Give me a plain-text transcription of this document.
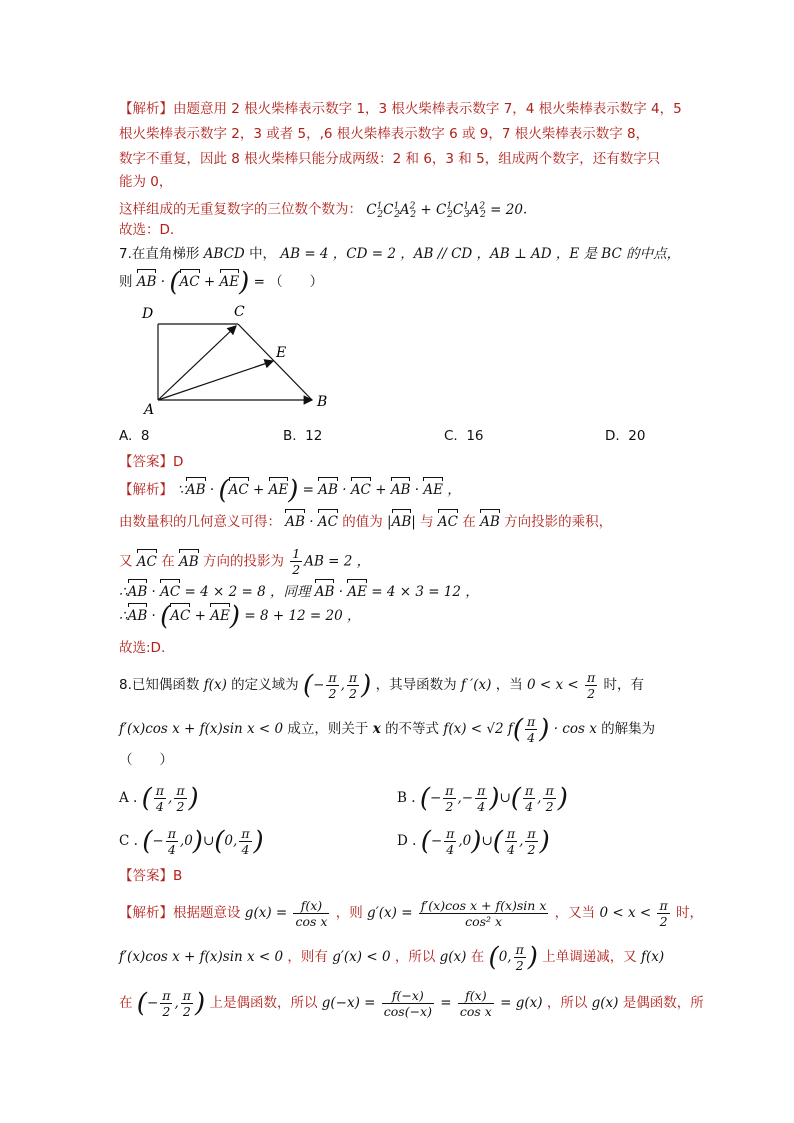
【解析】由题意用 2 根火柴棒表示数字 1，3 根火柴棒表示数字 7，4 根火柴棒表示数字 4，5
根火柴棒表示数字 2，3 或者 5，,6 根火柴棒表示数字 6 或 9，7 根火柴棒表示数字 8，
数字不重复，因此 8 根火柴棒只能分成两级：2 和 6，3 和 5，组成两个数字，还有数字只
能为 0，
这样组成的无重复数字的三位数个数为： $C^1_2C^1_2A^2_2 + C^1_2C^1_3A^2_2 = 20$．
故选：D．
7.在直角梯形 ABCD 中， AB = 4 ，CD = 2 ，AB // CD ，AB ⊥ AD ，E 是 BC 的中点，
则 AB · (AC + AE) = （　　）
D	C
E
A	B
A. 8	B. 12	C. 16	D. 20
【答案】D
【解析】 ∵AB · (AC + AE) = AB · AC + AB · AE ，
由数量积的几何意义可得： AB · AC 的值为 |AB| 与 AC 在 AB 方向投影的乘积，
又 AC 在 AB 方向的投影为 $\frac{1}{2}$ AB = 2 ，
∴AB · AC = 4 × 2 = 8 ，同理 AB · AE = 4 × 3 = 12 ，
∴AB · (AC + AE) = 8 + 12 = 20 ，
故选:D.
8.已知偶函数 f(x) 的定义域为 (− $\frac{\pi}{2}$ , $\frac{\pi}{2}$ ) ，其导函数为 f ′(x) ，当 $0 < x < \frac{\pi}{2}$ 时，有
f′(x)cos x + f(x)sin x < 0 成立，则关于 x 的不等式 f(x) < √2 $f( \frac{\pi}{4}$ ) · cos x 的解集为
（　　）
A . ( $\frac{\pi}{4}$ , $\frac{\pi}{2}$ )	B . (− $\frac{\pi}{2}$ ,− $\frac{\pi}{4}$ )∪( $\frac{\pi}{4}$ , $\frac{\pi}{2}$ )
C . (− $\frac{\pi}{4}$ ,0)∪(0, $\frac{\pi}{4}$ )	D . (− $\frac{\pi}{4}$ ,0)∪( $\frac{\pi}{4}$ , $\frac{\pi}{2}$ )
【答案】B
【解析】根据题意设 $g(x) = \frac{f(x)}{\text{cos x}}$ ，则 $g'(x) = \frac{\text{f′(x)cos x + f(x)sin x}}{\text{cos² x}}$ ，又当 $0 < x < \frac{\pi}{2}$ 时，
f′(x)cos x + f(x)sin x < 0 ，则有 g′(x) < 0 ，所以 g(x) 在 (0, $\frac{\pi}{2}$ ) 上单调递减，又 f(x)
在 (− $\frac{\pi}{2}$ , $\frac{\pi}{2}$ ) 上是偶函数，所以 $g(-x) = \frac{f(-x)}{\cos(-x)} = \frac{f(x)}{\text{cos x}} = g(x)$ ，所以 g(x) 是偶函数，所
